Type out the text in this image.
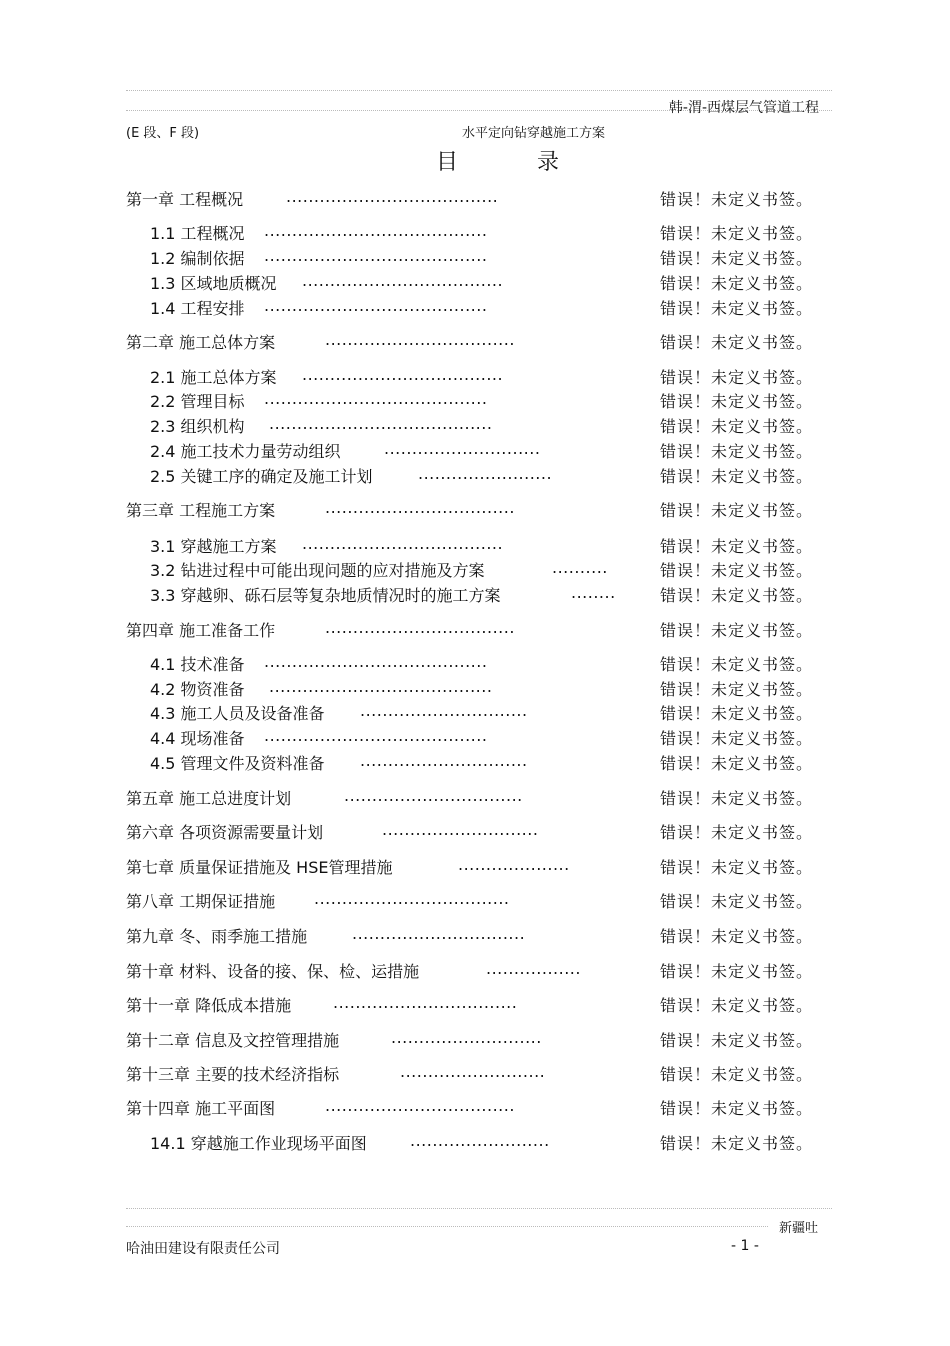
韩-渭-西煤层气管道工程
(E 段、F 段)	水平定向钻穿越施工方案
目 录
第一章 工程概况	......................................	错误！未定义书签。
1.1 工程概况 ........................................	错误！未定义书签。
1.2 编制依据 ........................................	错误！未定义书签。
1.3 区域地质概况 ....................................	错误！未定义书签。
1.4 工程安排 ........................................	错误！未定义书签。
第二章 施工总体方案	..................................	错误！未定义书签。
2.1 施工总体方案 ....................................	错误！未定义书签。
2.2 管理目标 ........................................	错误！未定义书签。
2.3 组织机构 ........................................	错误！未定义书签。
2.4 施工技术力量劳动组织	............................	错误！未定义书签。
2.5 关键工序的确定及施工计划	........................	错误！未定义书签。
第三章 工程施工方案	..................................	错误！未定义书签。
3.1 穿越施工方案 ....................................	错误！未定义书签。
3.2 钻进过程中可能出现问题的应对措施及方案	..........	错误！未定义书签。
3.3 穿越卵、砾石层等复杂地质情况时的施工方案	........	错误！未定义书签。
第四章 施工准备工作	..................................	错误！未定义书签。
4.1 技术准备 ........................................	错误！未定义书签。
4.2 物资准备 ........................................	错误！未定义书签。
4.3 施工人员及设备准备 ..............................	错误！未定义书签。
4.4 现场准备 ........................................	错误！未定义书签。
4.5 管理文件及资料准备 ..............................	错误！未定义书签。
第五章 施工总进度计划	................................	错误！未定义书签。
第六章 各项资源需要量计划	............................	错误！未定义书签。
第七章 质量保证措施及 HSE管理措施	....................	错误！未定义书签。
第八章 工期保证措施 ...................................	错误！未定义书签。
第九章 冬、雨季施工措施	...............................	错误！未定义书签。
第十章 材料、设备的接、保、检、运措施	.................	错误！未定义书签。
第十一章 降低成本措施	.................................	错误！未定义书签。
第十二章 信息及文控管理措施	...........................	错误！未定义书签。
第十三章 主要的技术经济指标	..........................	错误！未定义书签。
第十四章 施工平面图	..................................	错误！未定义书签。
14.1 穿越施工作业现场平面图	.........................	错误！未定义书签。
新疆吐
哈油田建设有限责任公司	- 1 -
